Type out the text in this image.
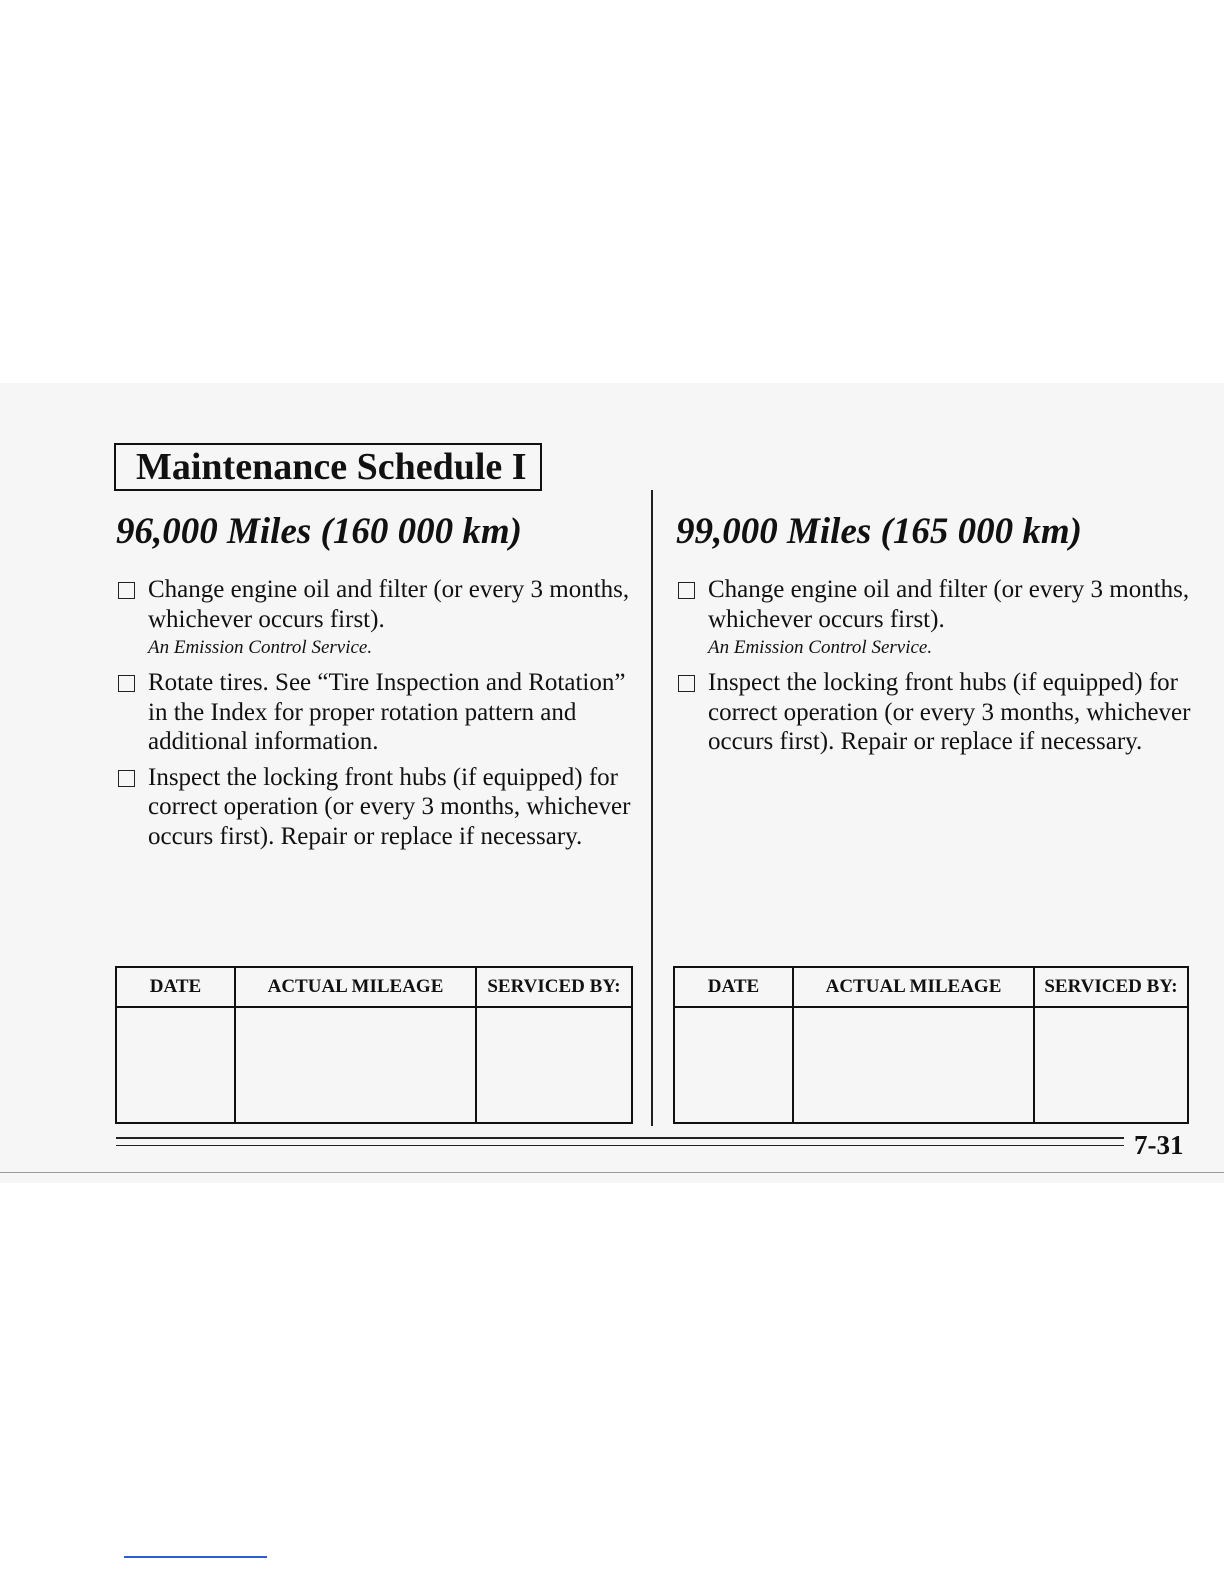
Maintenance Schedule I
96,000 Miles (160 000 km)
Change engine oil and filter (or every 3 months, whichever occurs first).
An Emission Control Service.
Rotate tires. See “Tire Inspection and Rotation” in the Index for proper rotation pattern and additional information.
Inspect the locking front hubs (if equipped) for correct operation (or every 3 months, whichever occurs first). Repair or replace if necessary.
99,000 Miles (165 000 km)
Change engine oil and filter (or every 3 months, whichever occurs first).
An Emission Control Service.
Inspect the locking front hubs (if equipped) for correct operation (or every 3 months, whichever occurs first). Repair or replace if necessary.
DATE	ACTUAL MILEAGE	SERVICED BY:
			DATE	ACTUAL MILEAGE	SERVICED BY:

7-31
